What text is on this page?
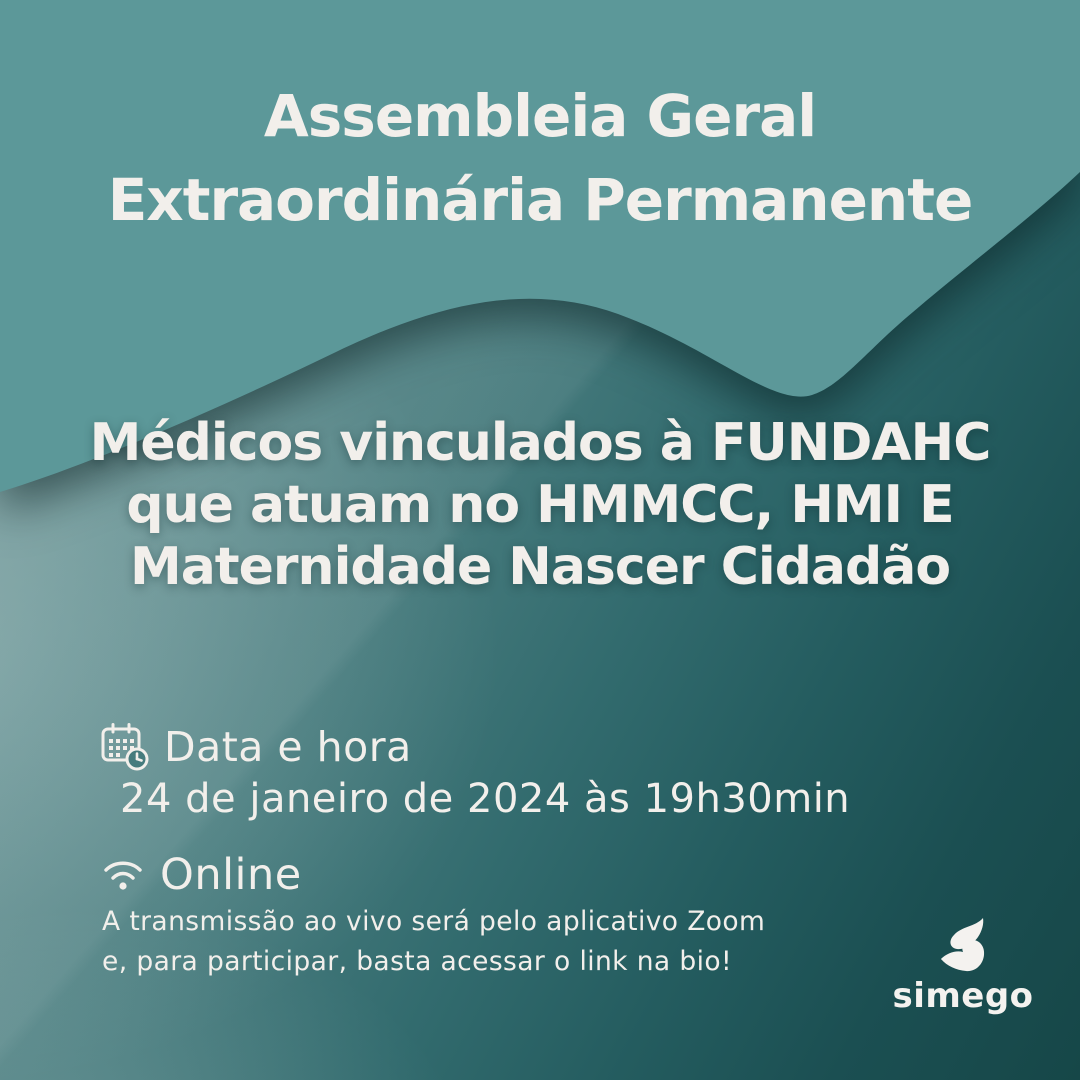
Assembleia Geral
Extraordinária Permanente
Médicos vinculados à FUNDAHC
que atuam no HMMCC, HMI E
Maternidade Nascer Cidadão
Data e hora
24 de janeiro de 2024 às 19h30min
Online
A transmissão ao vivo será pelo aplicativo Zoom
e, para participar, basta acessar o link na bio!
simego
